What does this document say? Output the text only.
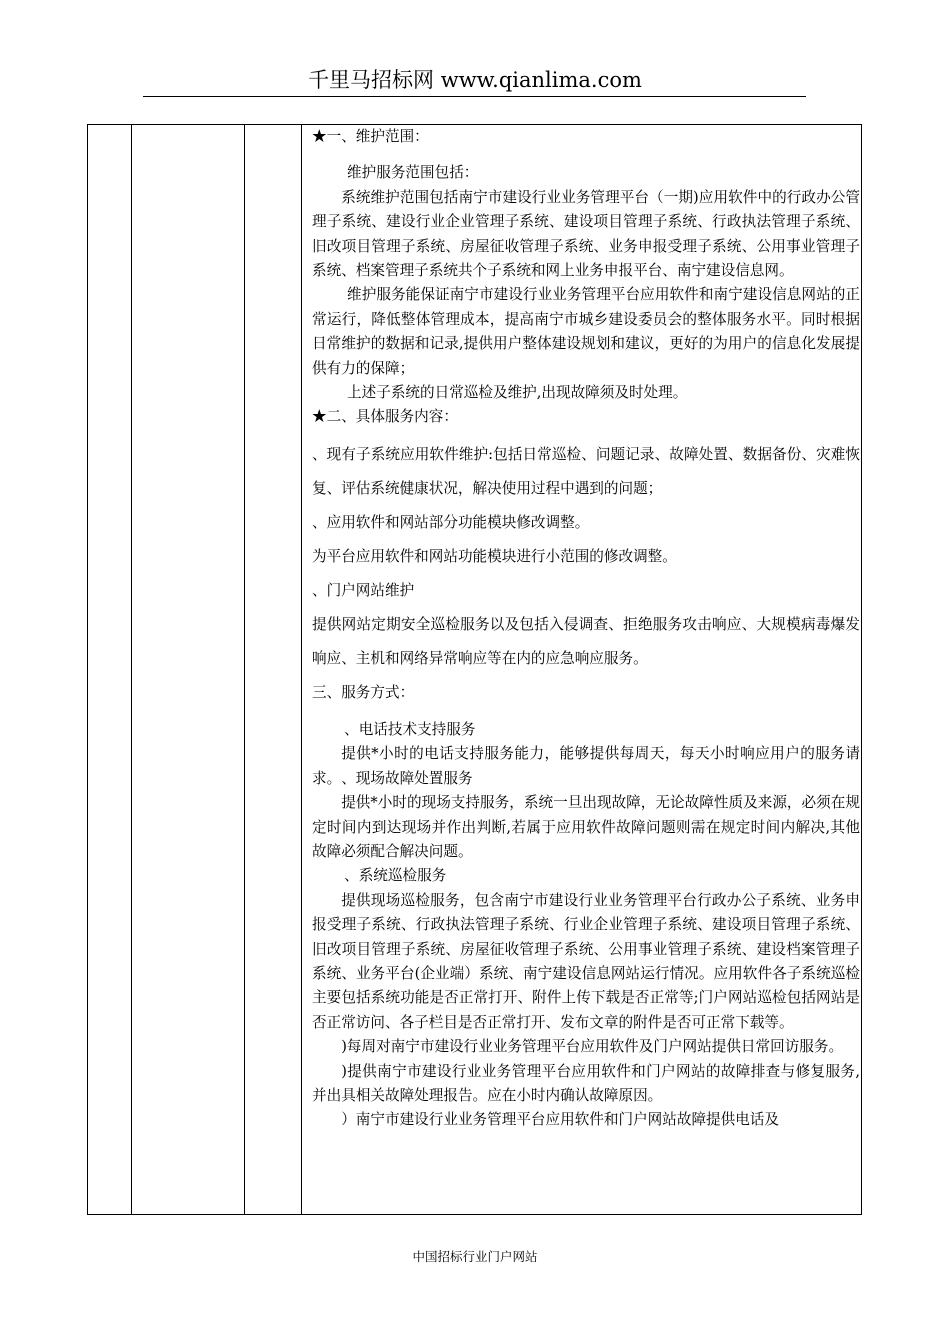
千里马招标网 www.qianlima.com

★一、维护范围：

维护服务范围包括：

系统维护范围包括南宁市建设行业业务管理平台（一期)应用软件中的行政办公管理子系统、建设行业企业管理子系统、建设项目管理子系统、行政执法管理子系统、旧改项目管理子系统、房屋征收管理子系统、业务申报受理子系统、公用事业管理子系统、档案管理子系统共个子系统和网上业务申报平台、南宁建设信息网。

维护服务能保证南宁市建设行业业务管理平台应用软件和南宁建设信息网站的正常运行，降低整体管理成本，提高南宁市城乡建设委员会的整体服务水平。同时根据日常维护的数据和记录,提供用户整体建设规划和建议，更好的为用户的信息化发展提供有力的保障；

上述子系统的日常巡检及维护,出现故障须及时处理。

★二、具体服务内容：

、现有子系统应用软件维护:包括日常巡检、问题记录、故障处置、数据备份、灾难恢复、评估系统健康状况，解决使用过程中遇到的问题；

、应用软件和网站部分功能模块修改调整。

为平台应用软件和网站功能模块进行小范围的修改调整。

、门户网站维护

提供网站定期安全巡检服务以及包括入侵调查、拒绝服务攻击响应、大规模病毒爆发响应、主机和网络异常响应等在内的应急响应服务。

三、服务方式：

、电话技术支持服务

提供*小时的电话支持服务能力，能够提供每周天，每天小时响应用户的服务请求。﻿、现场故障处置服务

提供*小时的现场支持服务，系统一旦出现故障，无论故障性质及来源，必须在规定时间内到达现场并作出判断,若属于应用软件故障问题则需在规定时间内解决,其他故障必须配合解决问题。

、系统巡检服务

提供现场巡检服务，包含南宁市建设行业业务管理平台行政办公子系统、业务申报受理子系统、行政执法管理子系统、行业企业管理子系统、建设项目管理子系统、旧改项目管理子系统、房屋征收管理子系统、公用事业管理子系统、建设档案管理子系统、业务平台(企业端）系统、南宁建设信息网站运行情况。应用软件各子系统巡检主要包括系统功能是否正常打开、附件上传下载是否正常等;门户网站巡检包括网站是否正常访问、各子栏目是否正常打开、发布文章的附件是否可正常下载等。

)每周对南宁市建设行业业务管理平台应用软件及门户网站提供日常回访服务。

)提供南宁市建设行业业务管理平台应用软件和门户网站的故障排查与修复服务,并出具相关故障处理报告。应在小时内确认故障原因。

）南宁市建设行业业务管理平台应用软件和门户网站故障提供电话及

中国招标行业门户网站
